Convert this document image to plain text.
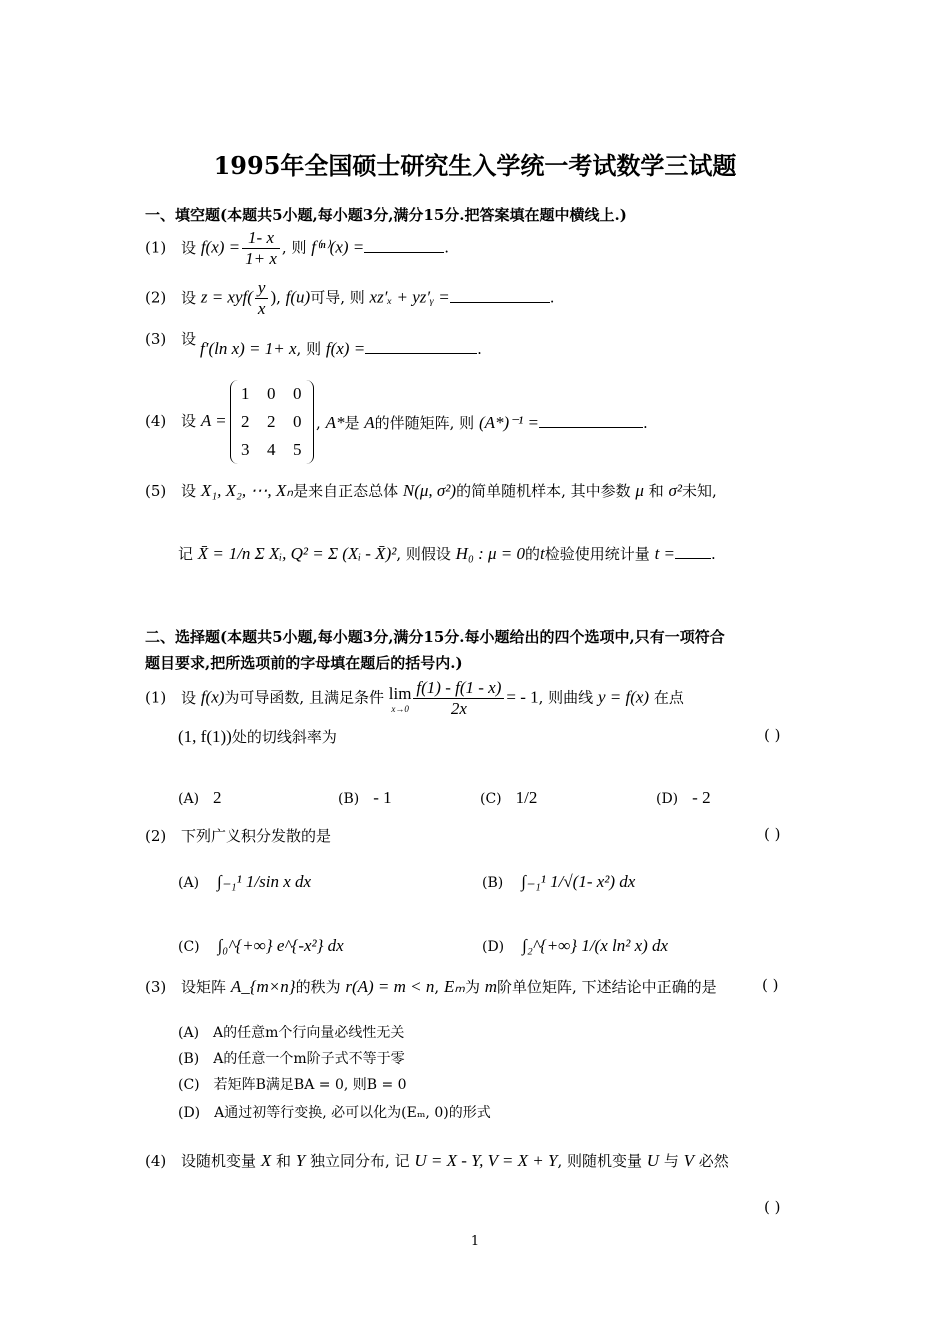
1995年全国硕士研究生入学统一考试数学三试题
一、填空题(本题共5小题,每小题3分,满分15分.把答案填在题中横线上.)
(1) 设 $f(x) = \frac{1- x}{1+ x}$ , 则 f⁽ⁿ⁾(x) =	.
(2) 设 $z = xyf( \frac{y}{x}$ ), f(u)可导, 则 xz′ₓ + yz′ᵧ =	.
(3) 设 f′(ln x) = 1+ x, 则 f(x) =	.
(4) 设 A =
1 0 0
2 2 0
3 4 5
, A*是 A的伴随矩阵, 则 (A*)⁻¹ =	.
(5) 设 X₁, X₂, ⋯, Xₙ是来自正态总体 N(μ, σ²)的简单随机样本, 其中参数 μ 和 σ²未知,
记 X̄ = 1/n Σ Xᵢ, Q² = Σ (Xᵢ - X̄)², 则假设 H₀ : μ = 0的t检验使用统计量 t = .
二、选择题(本题共5小题,每小题3分,满分15分.每小题给出的四个选项中,只有一项符合
题目要求,把所选项前的字母填在题后的括号内.)
(1) 设 f(x)为可导函数, 且满足条件 lim
$x\to 0 \frac{f(1) - f(1 - x)}{2x}$ = - 1, 则曲线 y = f(x) 在点
(1, f(1))处的切线斜率为	( )
(A) 2	(B) - 1	(C) 1/2	(D) - 2
(2) 下列广义积分发散的是	( )
(A) ∫₋₁¹ 1/sin x dx	(B) ∫₋₁¹ 1/√(1- x²) dx
(C) ∫₀^{+∞} e^{-x²} dx	(D) ∫₂^{+∞} 1/(x ln² x) dx
(3) 设矩阵 A_{m×n}的秩为 r(A) = m < n, Eₘ为 m阶单位矩阵, 下述结论中正确的是	( )
(A) A的任意m个行向量必线性无关
(B) A的任意一个m阶子式不等于零
(C) 若矩阵B满足BA = 0, 则B = 0
(D) A通过初等行变换, 必可以化为(Eₘ, 0)的形式
(4) 设随机变量 X 和 Y 独立同分布, 记 U = X - Y, V = X + Y, 则随机变量 U 与 V 必然
( )
1
